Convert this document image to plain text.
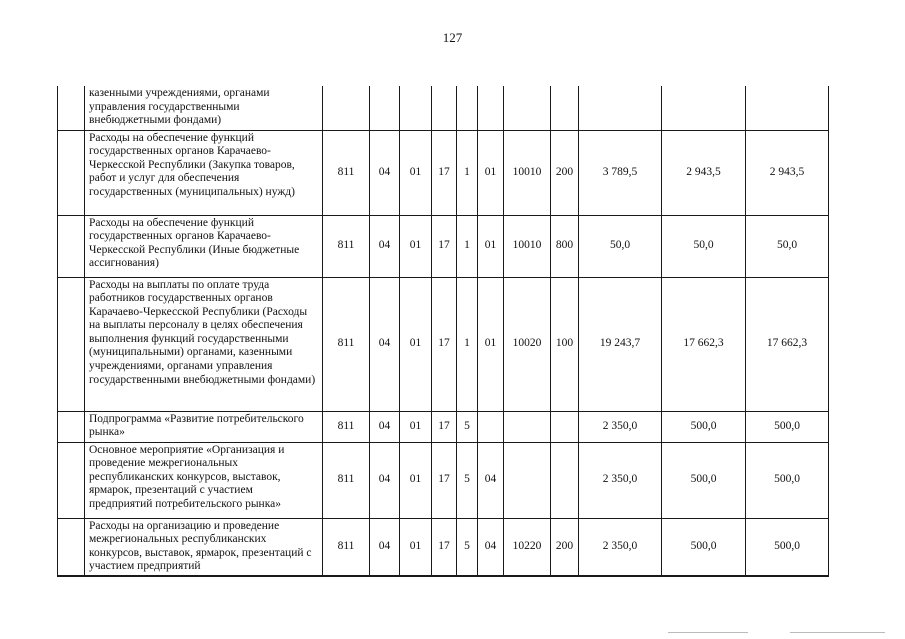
127
	казенными учреждениями, органами управления государственными внебюджетными фондами)											
	Расходы на обеспечение функций государственных органов Карачаево-Черкесской Республики (Закупка товаров, работ и услуг для обеспечения государственных (муниципальных) нужд)	811	04	01	17	1	01	10010	200	3 789,5	2 943,5	2 943,5
	Расходы на обеспечение функций государственных органов Карачаево-Черкесской Республики (Иные бюджетные ассигнования)	811	04	01	17	1	01	10010	800	50,0	50,0	50,0
	Расходы на выплаты по оплате труда работников государственных органов Карачаево-Черкесской Республики (Расходы на выплаты персоналу в целях обеспечения выполнения функций государственными (муниципальными) органами, казенными учреждениями, органами управления государственными внебюджетными фондами)	811	04	01	17	1	01	10020	100	19 243,7	17 662,3	17 662,3
	Подпрограмма «Развитие потребительского рынка»	811	04	01	17	5				2 350,0	500,0	500,0
	Основное мероприятие «Организация и проведение межрегиональных республиканских конкурсов, выставок, ярмарок, презентаций с участием предприятий потребительского рынка»	811	04	01	17	5	04			2 350,0	500,0	500,0
	Расходы на организацию и проведение межрегиональных республиканских конкурсов, выставок, ярмарок, презентаций с участием предприятий	811	04	01	17	5	04	10220	200	2 350,0	500,0	500,0
